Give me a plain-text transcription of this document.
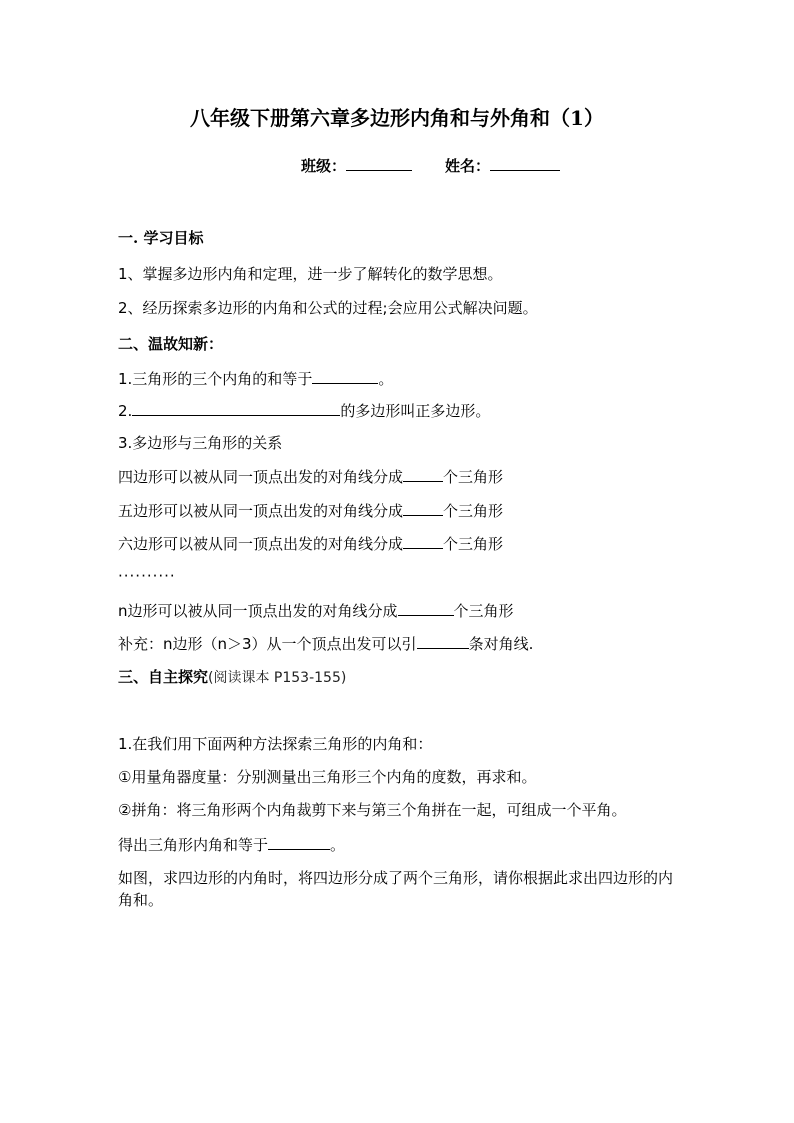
八年级下册第六章多边形内角和与外角和（1）
班级：	姓名：
一. 学习目标
1、掌握多边形内角和定理，进一步了解转化的数学思想。
2、经历探索多边形的内角和公式的过程;会应用公式解决问题。
二、温故知新：
1.三角形的三个内角的和等于	。
2.	的多边形叫正多边形。
3.多边形与三角形的关系
四边形可以被从同一顶点出发的对角线分成	个三角形
五边形可以被从同一顶点出发的对角线分成	个三角形
六边形可以被从同一顶点出发的对角线分成	个三角形
··········
n边形可以被从同一顶点出发的对角线分成	个三角形
补充：n边形（n＞3）从一个顶点出发可以引	条对角线.
三、自主探究(阅读课本 P153-155)
1.在我们用下面两种方法探索三角形的内角和：
①用量角器度量：分别测量出三角形三个内角的度数，再求和。
②拼角：将三角形两个内角裁剪下来与第三个角拼在一起，可组成一个平角。
得出三角形内角和等于	。
如图，求四边形的内角时，将四边形分成了两个三角形，请你根据此求出四边形的内角和。
